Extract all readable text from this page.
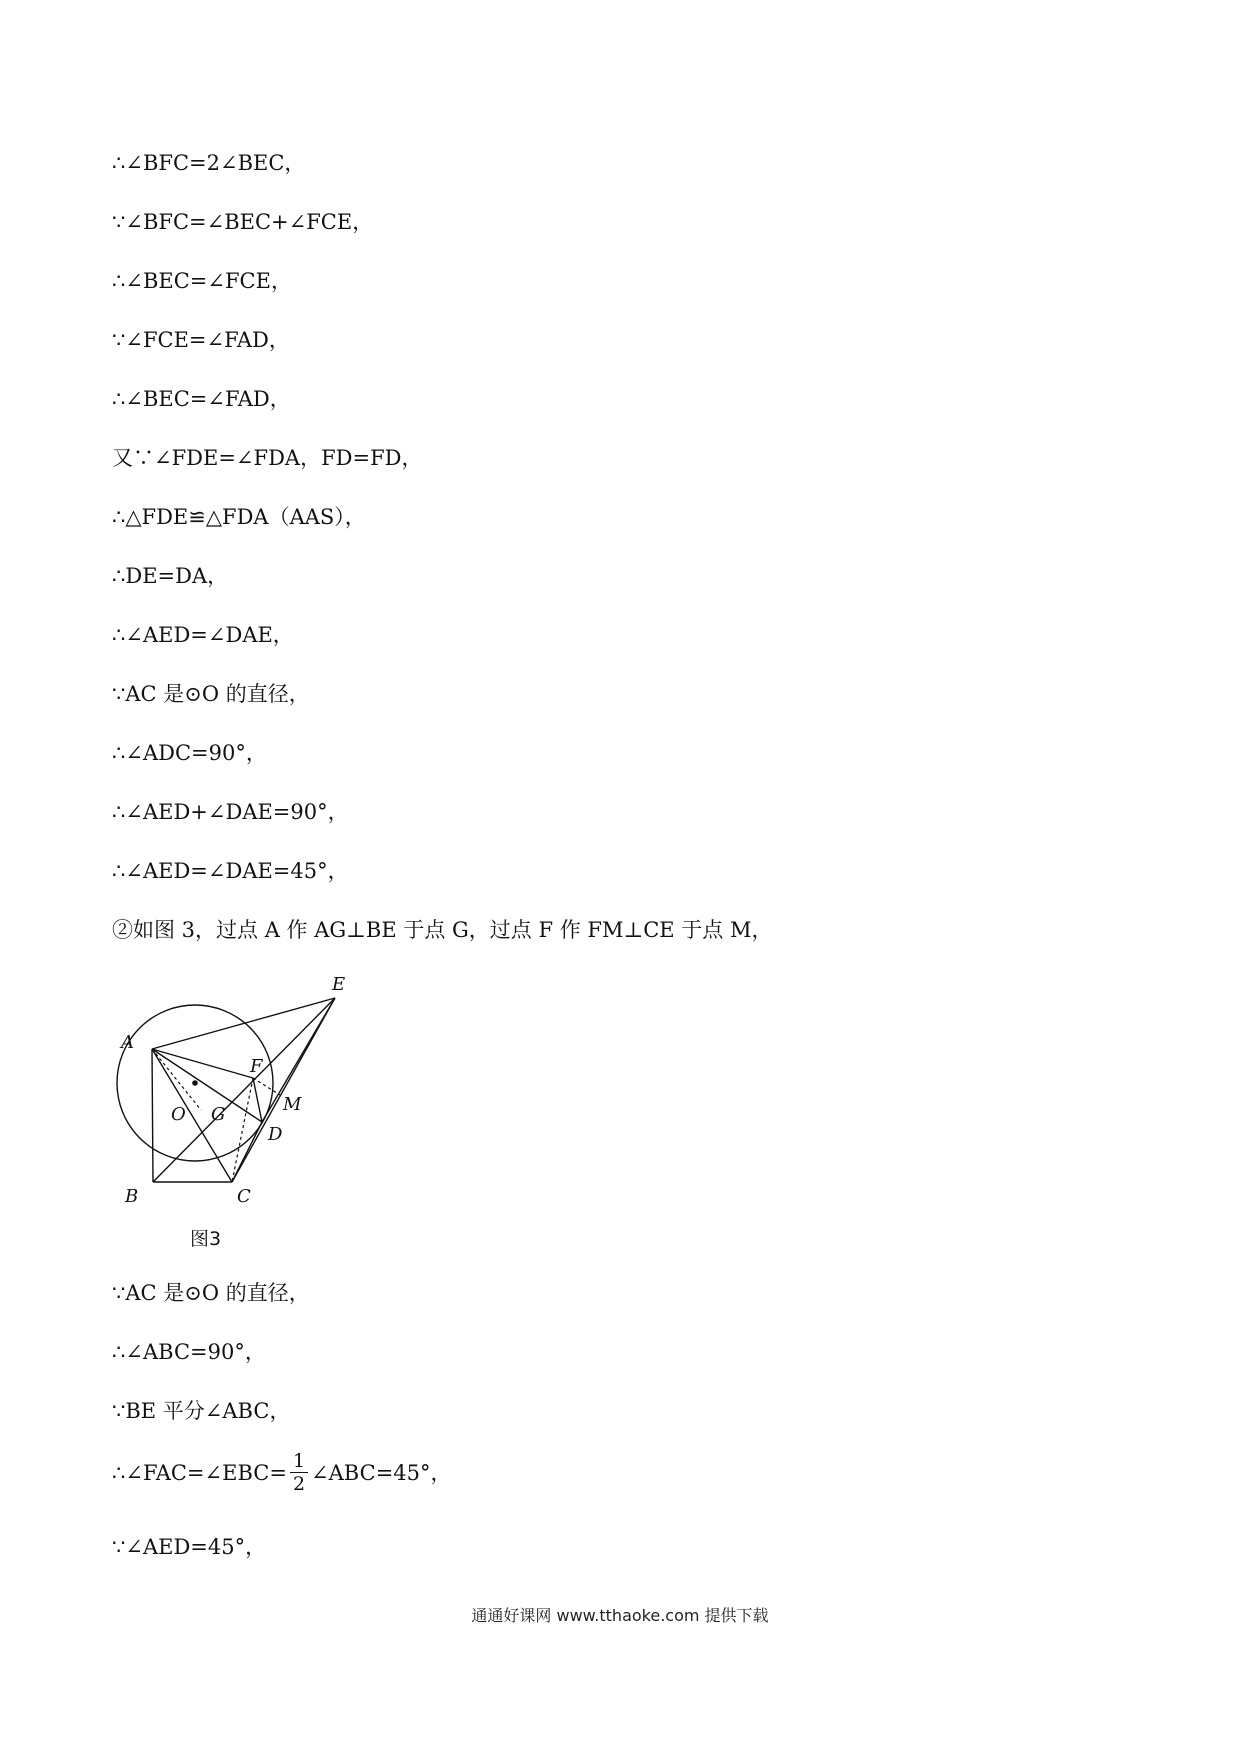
∴∠BFC=2∠BEC，
∵∠BFC=∠BEC+∠FCE，
∴∠BEC=∠FCE，
∵∠FCE=∠FAD，
∴∠BEC=∠FAD，
又∵∠FDE=∠FDA，FD=FD，
∴△FDE≌△FDA（AAS），
∴DE=DA，
∴∠AED=∠DAE，
∵AC 是⊙O 的直径，
∴∠ADC=90°，
∴∠AED+∠DAE=90°，
∴∠AED=∠DAE=45°，
②如图 3，过点 A 作 AG⊥BE 于点 G，过点 F 作 FM⊥CE 于点 M，
A
B	C
D
E
F
G	M
O
图3
∵AC 是⊙O 的直径，
∴∠ABC=90°，
∵BE 平分∠ABC，
∴∠FAC=∠EBC= $\frac{1}{2}$ ∠ABC=45°，
∵∠AED=45°，
通通好课网 www.tthaoke.com 提供下载
